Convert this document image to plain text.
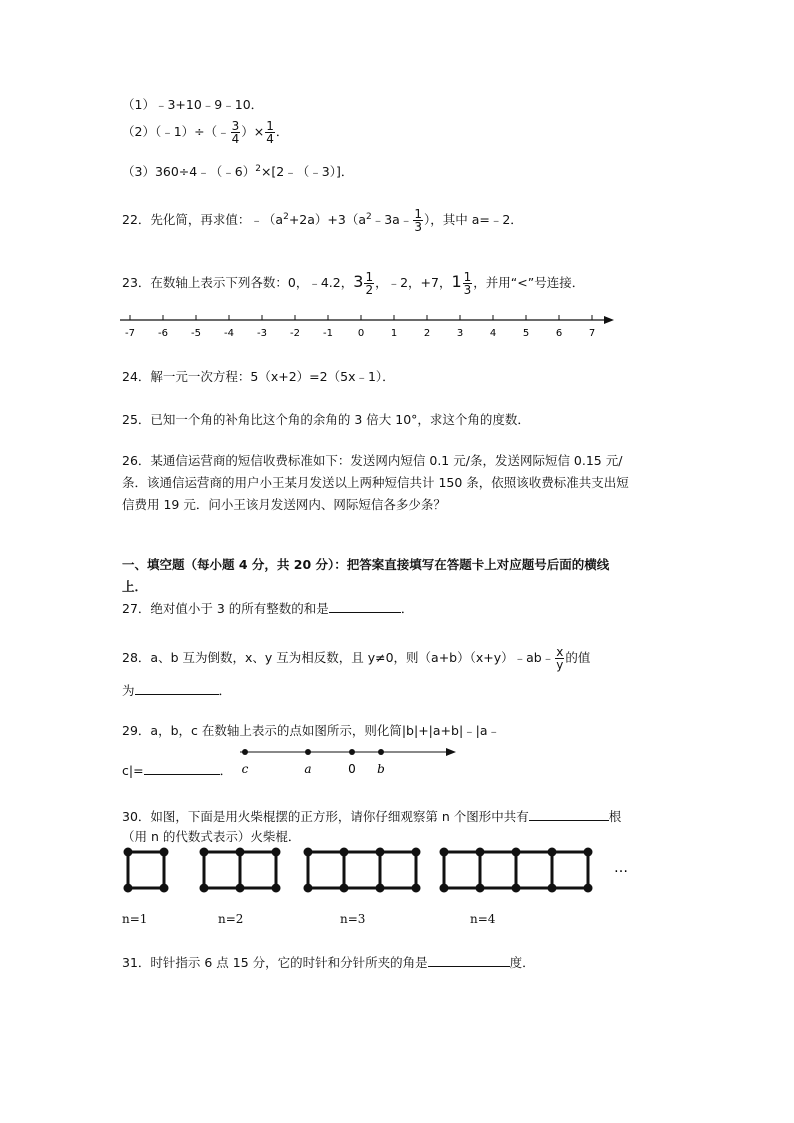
（1）﹣3+10﹣9﹣10．
（2）（﹣1）÷（﹣ $\frac{3}{4}$ ）× $\frac{1}{4}$ ．
（3）360÷4﹣（﹣6）$^2$×[2﹣（﹣3）]．
22．先化简，再求值：$﹣(a^2+2a)+3(a^2﹣3a﹣ \frac{1}{3}$ ），其中 a=﹣2．
23．在数轴上表示下列各数：0，﹣4.2，$3 \frac{1}{2}$ ，﹣2，+7，$1 \frac{1}{3}$ ，并用“<”号连接．
-7 -6 -5 -4 -3 -2 -1 0	1	2	3	4	5	6	7
24．解一元一次方程：5（x+2）=2（5x﹣1）．
25．已知一个角的补角比这个角的余角的 3 倍大 10°，求这个角的度数．
26．某通信运营商的短信收费标准如下：发送网内短信 0.1 元/条，发送网际短信 0.15 元/
条．该通信运营商的用户小王某月发送以上两种短信共计 150 条，依照该收费标准共支出短
信费用 19 元．问小王该月发送网内、网际短信各多少条？
一、填空题（每小题 4 分，共 20 分）：把答案直接填写在答题卡上对应题号后面的横线
上．
27．绝对值小于 3 的所有整数的和是	．
28．a、b 互为倒数，x、y 互为相反数，且 y≠0，则（a+b）（x+y）﹣ab﹣ $\frac{x}{y}$ 的值
为	．
29．a，b，c 在数轴上表示的点如图所示，则化简|b|+|a+b|﹣|a﹣
c|=	． c	a	0 b
30．如图，下面是用火柴棍摆的正方形，请你仔细观察第 n 个图形中共有	根
（用 n 的代数式表示）火柴棍．
…
n=1	n=2	n=3	n=4
31．时针指示 6 点 15 分，它的时针和分针所夹的角是	度．
